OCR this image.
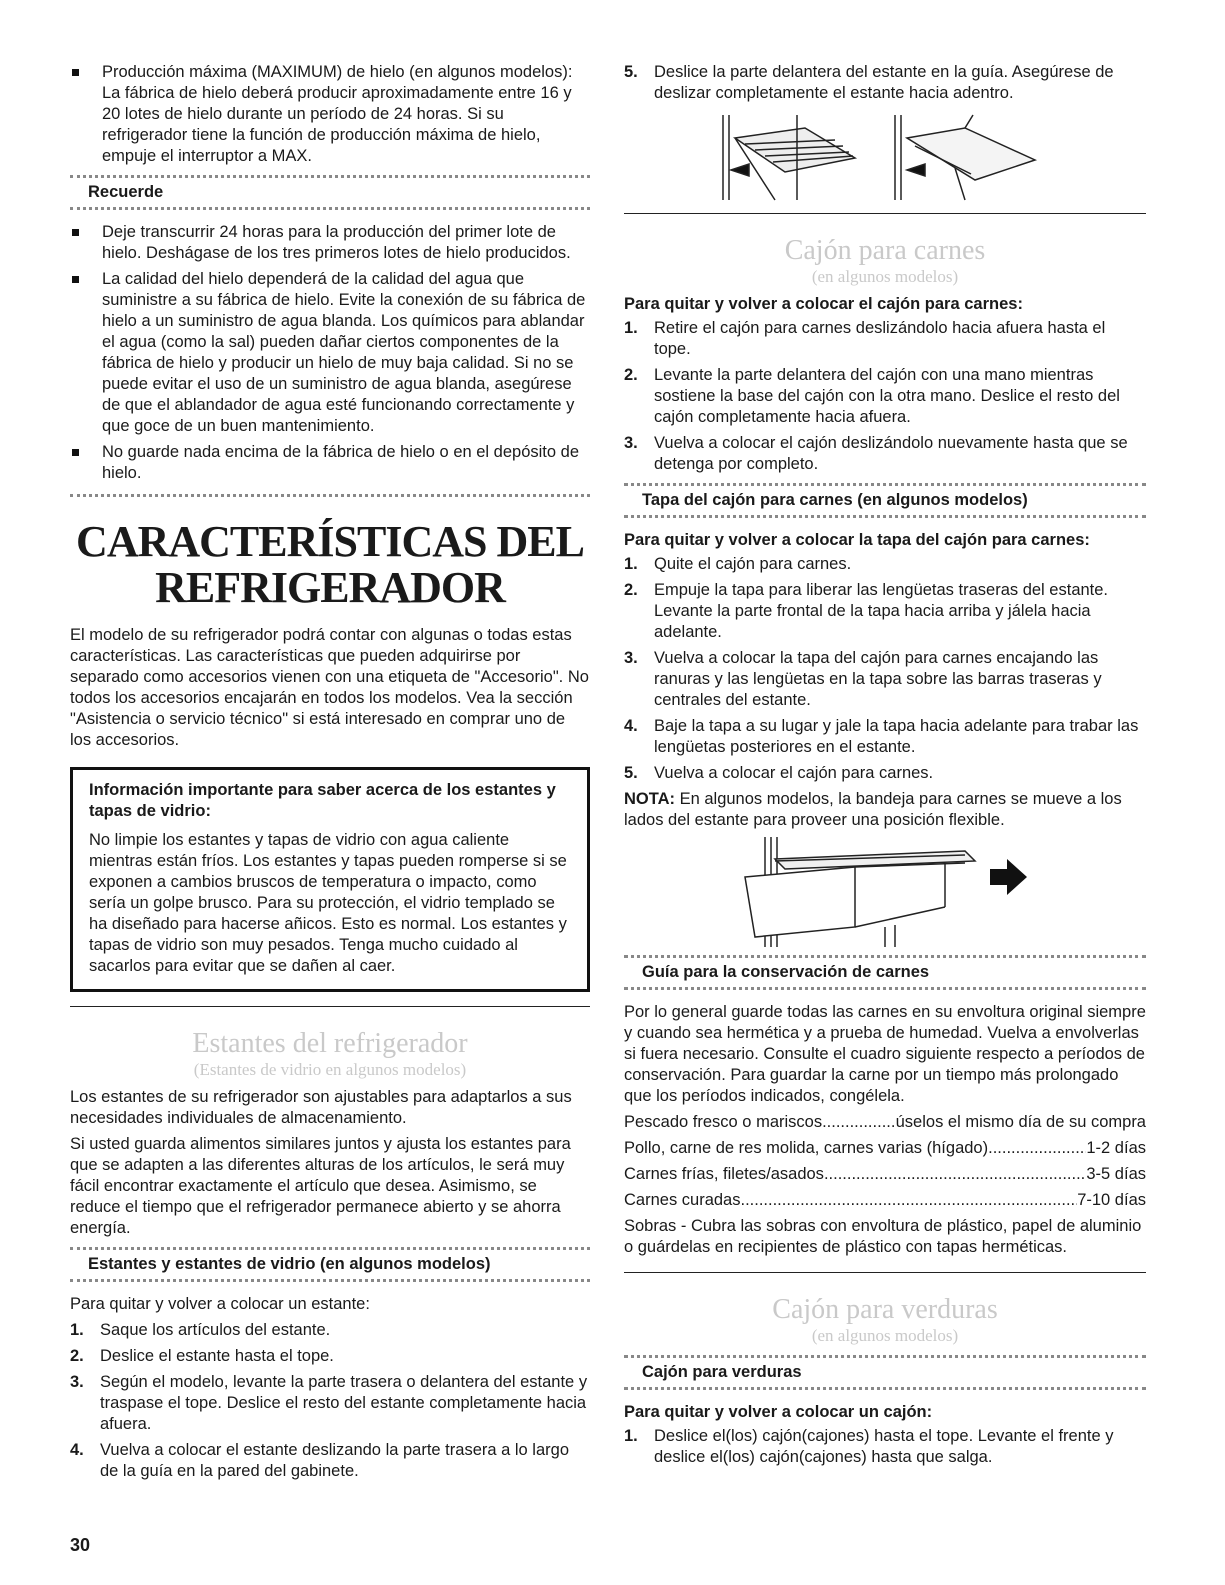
Producción máxima (MAXIMUM) de hielo (en algunos modelos): La fábrica de hielo deberá producir aproximadamente entre 16 y 20 lotes de hielo durante un período de 24 horas. Si su refrigerador tiene la función de producción máxima de hielo, empuje el interruptor a MAX.
Recuerde
Deje transcurrir 24 horas para la producción del primer lote de hielo. Deshágase de los tres primeros lotes de hielo producidos.
La calidad del hielo dependerá de la calidad del agua que suministre a su fábrica de hielo. Evite la conexión de su fábrica de hielo a un suministro de agua blanda. Los químicos para ablandar el agua (como la sal) pueden dañar ciertos componentes de la fábrica de hielo y producir un hielo de muy baja calidad. Si no se puede evitar el uso de un suministro de agua blanda, asegúrese de que el ablandador de agua esté funcionando correctamente y que goce de un buen mantenimiento.
No guarde nada encima de la fábrica de hielo o en el depósito de hielo.
CARACTERÍSTICAS DEL
REFRIGERADOR

El modelo de su refrigerador podrá contar con algunas o todas estas características. Las características que pueden adquirirse por separado como accesorios vienen con una etiqueta de "Accesorio". No todos los accesorios encajarán en todos los modelos. Vea la sección "Asistencia o servicio técnico" si está interesado en comprar uno de los accesorios.

Información importante para saber acerca de los estantes y tapas de vidrio:
No limpie los estantes y tapas de vidrio con agua caliente mientras están fríos. Los estantes y tapas pueden romperse si se exponen a cambios bruscos de temperatura o impacto, como sería un golpe brusco. Para su protección, el vidrio templado se ha diseñado para hacerse añicos. Esto es normal. Los estantes y tapas de vidrio son muy pesados. Tenga mucho cuidado al sacarlos para evitar que se dañen al caer.
Estantes del refrigerador
(Estantes de vidrio en algunos modelos)

Los estantes de su refrigerador son ajustables para adaptarlos a sus necesidades individuales de almacenamiento.

Si usted guarda alimentos similares juntos y ajusta los estantes para que se adapten a las diferentes alturas de los artículos, le será muy fácil encontrar exactamente el artículo que desea. Asimismo, se reduce el tiempo que el refrigerador permanece abierto y se ahorra energía.

Estantes y estantes de vidrio (en algunos modelos)

Para quitar y volver a colocar un estante:

1. Saque los artículos del estante.
2. Deslice el estante hasta el tope.
3. Según el modelo, levante la parte trasera o delantera del estante y traspase el tope. Deslice el resto del estante completamente hacia afuera.
4. Vuelva a colocar el estante deslizando la parte trasera a lo largo de la guía en la pared del gabinete.
5. Deslice la parte delantera del estante en la guía. Asegúrese de deslizar completamente el estante hacia adentro.
Cajón para carnes
(en algunos modelos)
Para quitar y volver a colocar el cajón para carnes:
1. Retire el cajón para carnes deslizándolo hacia afuera hasta el tope.
2. Levante la parte delantera del cajón con una mano mientras sostiene la base del cajón con la otra mano. Deslice el resto del cajón completamente hacia afuera.
3. Vuelva a colocar el cajón deslizándolo nuevamente hasta que se detenga por completo.
Tapa del cajón para carnes (en algunos modelos)
Para quitar y volver a colocar la tapa del cajón para carnes:
1. Quite el cajón para carnes.
2. Empuje la tapa para liberar las lengüetas traseras del estante. Levante la parte frontal de la tapa hacia arriba y jálela hacia adelante.
3. Vuelva a colocar la tapa del cajón para carnes encajando las ranuras y las lengüetas en la tapa sobre las barras traseras y centrales del estante.
4. Baje la tapa a su lugar y jale la tapa hacia adelante para trabar las lengüetas posteriores en el estante.
5. Vuelva a colocar el cajón para carnes.

NOTA: En algunos modelos, la bandeja para carnes se mueve a los lados del estante para proveer una posición flexible.

Guía para la conservación de carnes

Por lo general guarde todas las carnes en su envoltura original siempre y cuando sea hermética y a prueba de humedad. Vuelva a envolverlas si fuera necesario. Consulte el cuadro siguiente respecto a períodos de conservación. Para guardar la carne por un tiempo más prolongado que los períodos indicados, congélela.

Pescado fresco o mariscos .....	úselos el mismo día de su compra
Pollo, carne de res molida, carnes varias (hígado) .....	1-2 días
Carnes frías, filetes/asados .....	3-5 días
Carnes curadas .....	7-10 días

Sobras - Cubra las sobras con envoltura de plástico, papel de aluminio o guárdelas en recipientes de plástico con tapas herméticas.

Cajón para verduras
(en algunos modelos)
Cajón para verduras
Para quitar y volver a colocar un cajón:
1. Deslice el(los) cajón(cajones) hasta el tope. Levante el frente y deslice el(los) cajón(cajones) hasta que salga.
30
